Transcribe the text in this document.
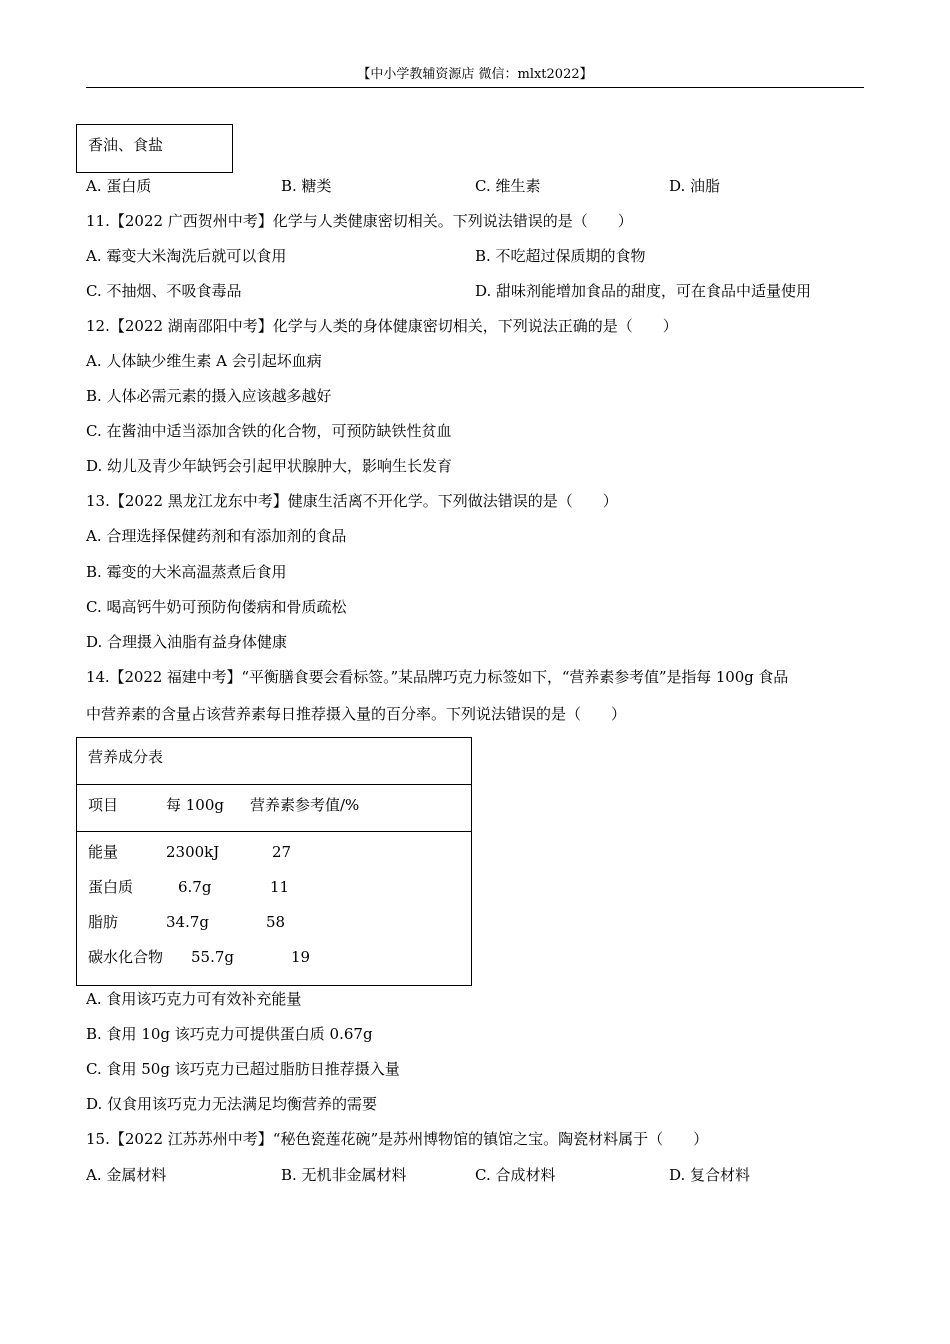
【中小学教辅资源店 微信：mlxt2022】
香油、食盐
A. 蛋白质	B. 糖类	C. 维生素	D. 油脂
11.【2022 广西贺州中考】化学与人类健康密切相关。下列说法错误的是（　　）
A. 霉变大米淘洗后就可以食用	B. 不吃超过保质期的食物
C. 不抽烟、不吸食毒品	D. 甜味剂能增加食品的甜度，可在食品中适量使用
12.【2022 湖南邵阳中考】化学与人类的身体健康密切相关，下列说法正确的是（　　）
A. 人体缺少维生素 A 会引起坏血病
B. 人体必需元素的摄入应该越多越好
C. 在酱油中适当添加含铁的化合物，可预防缺铁性贫血
D. 幼儿及青少年缺钙会引起甲状腺肿大，影响生长发育
13.【2022 黑龙江龙东中考】健康生活离不开化学。下列做法错误的是（　　）
A. 合理选择保健药剂和有添加剂的食品
B. 霉变的大米高温蒸煮后食用
C. 喝高钙牛奶可预防佝偻病和骨质疏松
D. 合理摄入油脂有益身体健康
14.【2022 福建中考】“平衡膳食要会看标签。”某品牌巧克力标签如下，“营养素参考值”是指每 100g 食品
中营养素的含量占该营养素每日推荐摄入量的百分率。下列说法错误的是（　　）
营养成分表
项目	每 100g 营养素参考值/%
能量	2300kJ	27
蛋白质	6.7g	11
脂肪	34.7g	58
碳水化合物 55.7g	19
A. 食用该巧克力可有效补充能量
B. 食用 10g 该巧克力可提供蛋白质 0.67g
C. 食用 50g 该巧克力已超过脂肪日推荐摄入量
D. 仅食用该巧克力无法满足均衡营养的需要
15.【2022 江苏苏州中考】“秘色瓷莲花碗”是苏州博物馆的镇馆之宝。陶瓷材料属于（　　）
A. 金属材料	B. 无机非金属材料	C. 合成材料	D. 复合材料
